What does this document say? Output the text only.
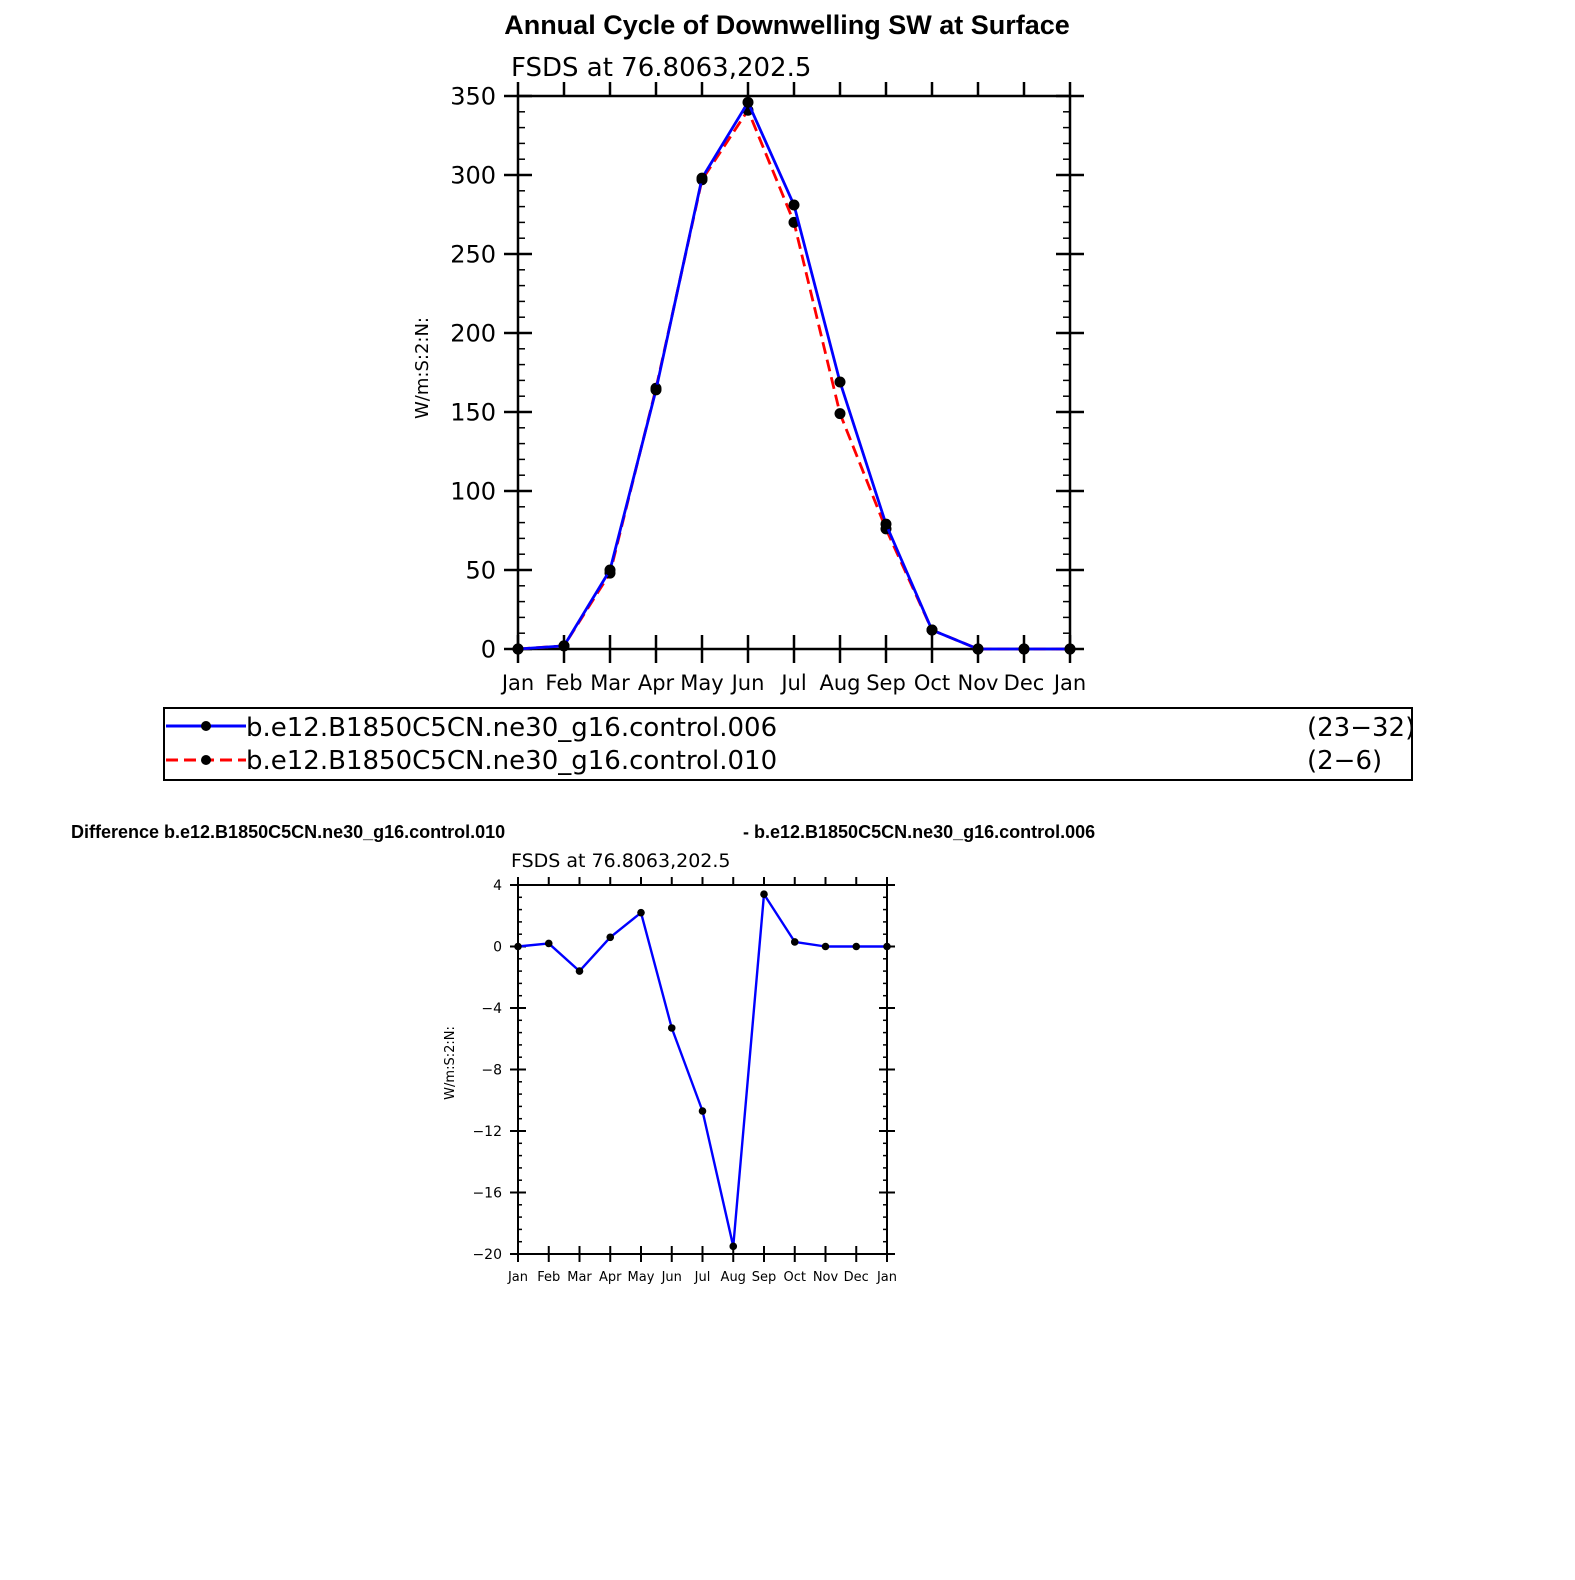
Annual Cycle of Downwelling SW at Surface
FSDS at 76.8063,202.5
W/m:S:2:N:
0
50
100
150
200
250
300
350
Jan Feb Mar Apr May Jun Jul Aug Sep Oct Nov Dec Jan
b.e12.B1850C5CN.ne30_g16.control.006	(23−32)
b.e12.B1850C5CN.ne30_g16.control.010	(2−6)
Difference b.e12.B1850C5CN.ne30_g16.control.010	- b.e12.B1850C5CN.ne30_g16.control.006
FSDS at 76.8063,202.5
W/m:S:2:N:
4
0
−4
−8
−12
−16
−20
Jan Feb Mar Apr May Jun Jul Aug Sep Oct Nov Dec Jan
